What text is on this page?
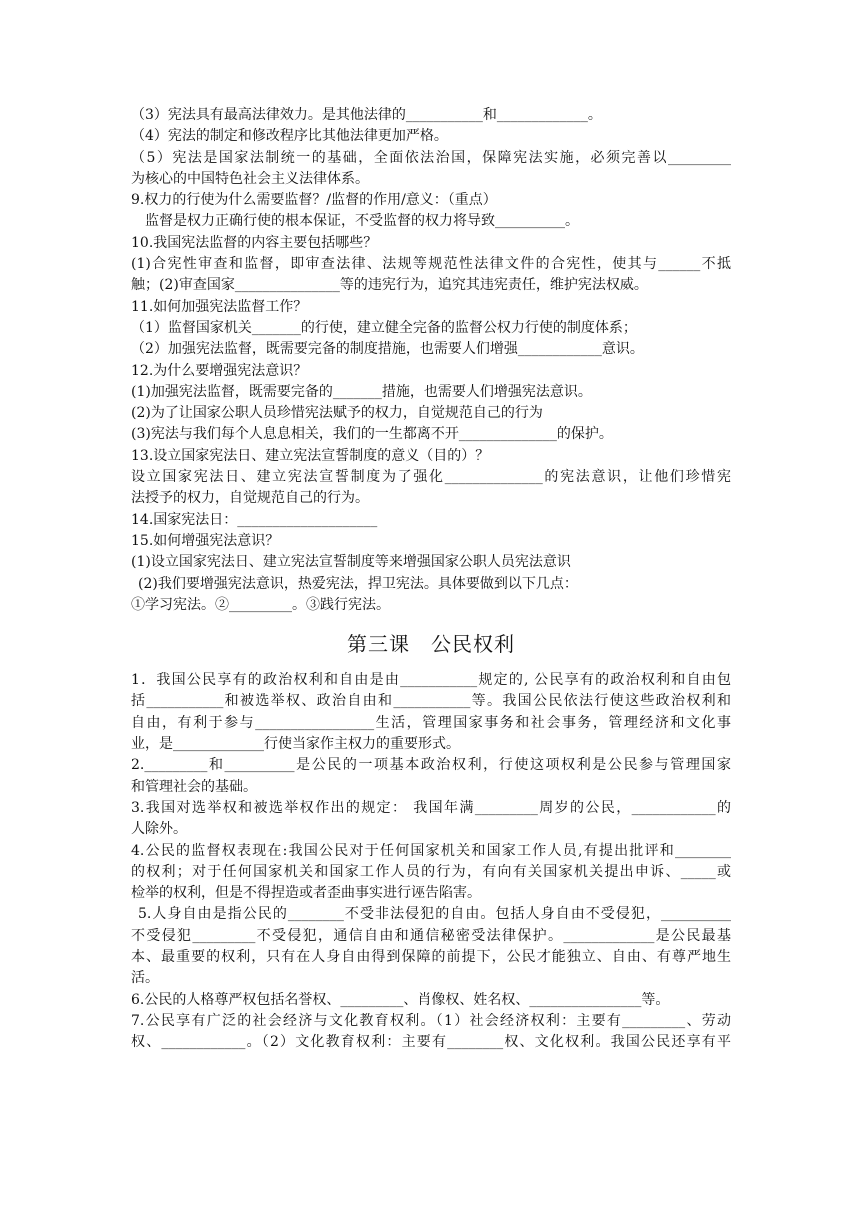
（3）宪法具有最高法律效力。是其他法律的___________和_____________。
（4）宪法的制定和修改程序比其他法律更加严格。
（5）宪法是国家法制统一的基础，全面依法治国，保障宪法实施，必须完善以_________
为核心的中国特色社会主义法律体系。
9.权力的行使为什么需要监督？/监督的作用/意义：（重点）
监督是权力正确行使的根本保证，不受监督的权力将导致__________。
10.我国宪法监督的内容主要包括哪些？
(1)合宪性审查和监督，即审查法律、法规等规范性法律文件的合宪性，使其与______不抵
触；(2)审查国家_______________等的违宪行为，追究其违宪责任，维护宪法权威。
11.如何加强宪法监督工作？
（1）监督国家机关_______的行使，建立健全完备的监督公权力行使的制度体系；
（2）加强宪法监督，既需要完备的制度措施，也需要人们增强____________意识。
12.为什么要增强宪法意识？
(1)加强宪法监督，既需要完备的_______措施，也需要人们增强宪法意识。
(2)为了让国家公职人员珍惜宪法赋予的权力，自觉规范自己的行为
(3)宪法与我们每个人息息相关，我们的一生都离不开______________的保护。
13.设立国家宪法日、建立宪法宣誓制度的意义（目的）？
设立国家宪法日、建立宪法宣誓制度为了强化______________的宪法意识，让他们珍惜宪
法授予的权力，自觉规范自己的行为。
14.国家宪法日：____________________
15.如何增强宪法意识？
(1)设立国家宪法日、建立宪法宣誓制度等来增强国家公职人员宪法意识
(2)我们要增强宪法意识，热爱宪法，捍卫宪法。具体要做到以下几点：
①学习宪法。②_________。③践行宪法。
第三课　公民权利
1．我国公民享有的政治权利和自由是由___________规定的, 公民享有的政治权利和自由包
括___________和被选举权、政治自由和___________等。我国公民依法行使这些政治权利和
自由，有利于参与_________________生活，管理国家事务和社会事务，管理经济和文化事
业，是_____________行使当家作主权力的重要形式。
2._________和__________是公民的一项基本政治权利，行使这项权利是公民参与管理国家
和管理社会的基础。
3.我国对选举权和被选举权作出的规定： 我国年满_________周岁的公民，____________的
人除外。
4.公民的监督权表现在:我国公民对于任何国家机关和国家工作人员,有提出批评和________
的权利；对于任何国家机关和国家工作人员的行为，有向有关国家机关提出申诉、_____或
检举的权利，但是不得捏造或者歪曲事实进行诬告陷害。
5.人身自由是指公民的________不受非法侵犯的自由。包括人身自由不受侵犯，__________
不受侵犯_________不受侵犯，通信自由和通信秘密受法律保护。_____________是公民最基
本、最重要的权利，只有在人身自由得到保障的前提下，公民才能独立、自由、有尊严地生
活。
6.公民的人格尊严权包括名誉权、_________、肖像权、姓名权、________________等。
7.公民享有广泛的社会经济与文化教育权利。（1）社会经济权利：主要有_________、劳动
权、____________。（2）文化教育权利：主要有________权、文化权利。我国公民还享有平
